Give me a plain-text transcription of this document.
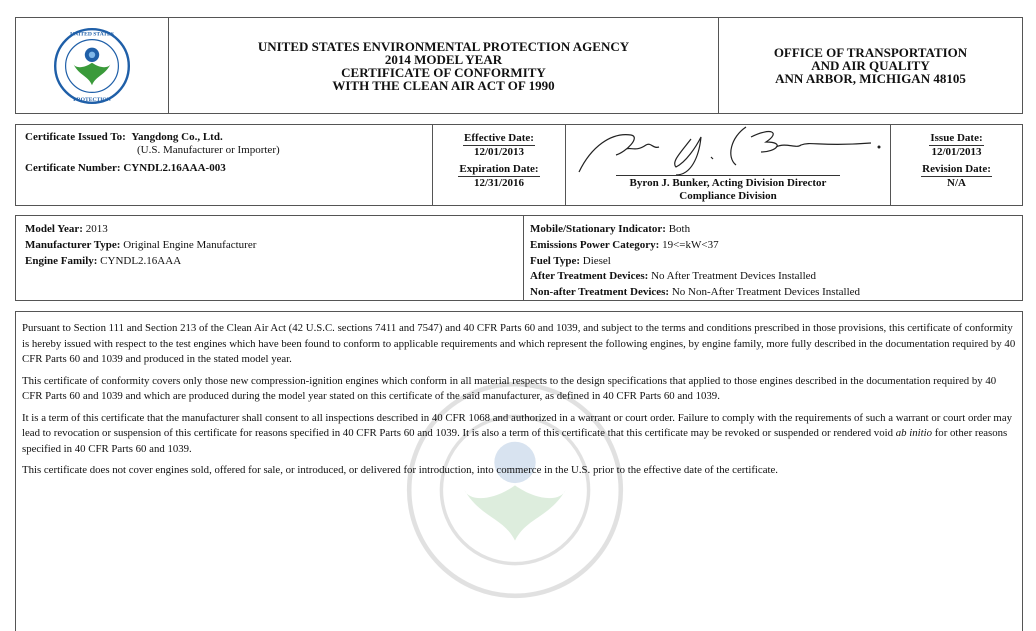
UNITED STATES
PROTECTION
UNITED STATES ENVIRONMENTAL PROTECTION AGENCY
2014 MODEL YEAR
CERTIFICATE OF CONFORMITY
WITH THE CLEAN AIR ACT OF 1990
OFFICE OF TRANSPORTATION
AND AIR QUALITY
ANN ARBOR, MICHIGAN 48105
Certificate Issued To: Yangdong Co., Ltd.
(U.S. Manufacturer or Importer)
Certificate Number: CYNDL2.16AAA-003
Effective Date:
12/01/2013
Expiration Date:
12/31/2016	Byron J. Bunker, Acting Division Director
Compliance Division
Issue Date:
12/01/2013
Revision Date:
N/A
Model Year: 2013
Manufacturer Type: Original Engine Manufacturer
Engine Family: CYNDL2.16AAA
Mobile/Stationary Indicator: Both
Emissions Power Category: 19<=kW<37
Fuel Type: Diesel
After Treatment Devices: No After Treatment Devices Installed
Non-after Treatment Devices: No Non-After Treatment Devices Installed

Pursuant to Section 111 and Section 213 of the Clean Air Act (42 U.S.C. sections 7411 and 7547) and 40 CFR Parts 60 and 1039, and subject to the terms and conditions prescribed in those provisions, this certificate of conformity is hereby issued with respect to the test engines which have been found to conform to applicable requirements and which represent the following engines, by engine family, more fully described in the documentation required by 40 CFR Parts 60 and 1039 and produced in the stated model year.

This certificate of conformity covers only those new compression-ignition engines which conform in all material respects to the design specifications that applied to those engines described in the documentation required by 40 CFR Parts 60 and 1039 and which are produced during the model year stated on this certificate of the said manufacturer, as defined in 40 CFR Parts 60 and 1039.

It is a term of this certificate that the manufacturer shall consent to all inspections described in 40 CFR 1068 and authorized in a warrant or court order. Failure to comply with the requirements of such a warrant or court order may lead to revocation or suspension of this certificate for reasons specified in 40 CFR Parts 60 and 1039. It is also a term of this certificate that this certificate may be revoked or suspended or rendered void ab initio for other reasons specified in 40 CFR Parts 60 and 1039.

This certificate does not cover engines sold, offered for sale, or introduced, or delivered for introduction, into commerce in the U.S. prior to the effective date of the certificate.
